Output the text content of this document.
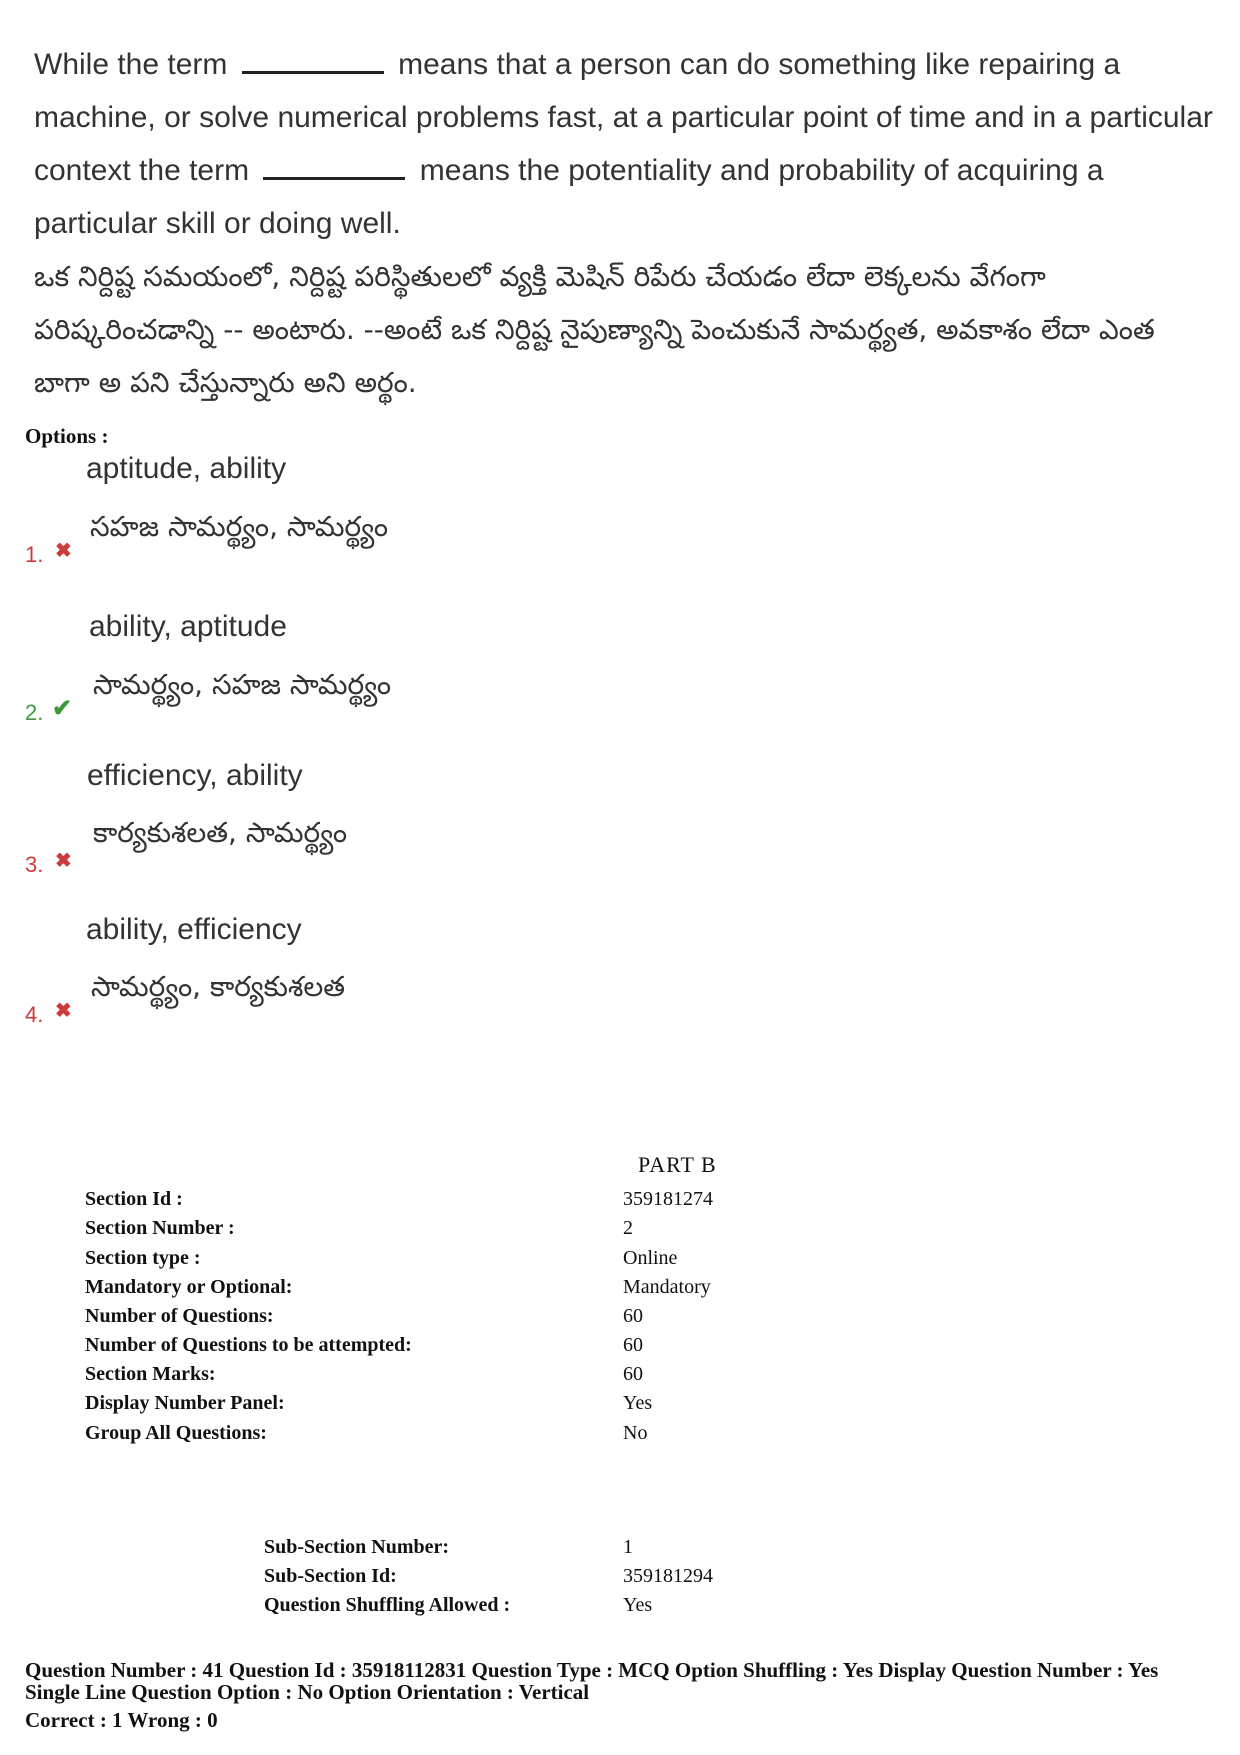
While the term	means that a person can do something like repairing a machine, or solve numerical problems fast, at a particular point of time and in a particular context the term	means the potentiality and probability of acquiring a particular skill or doing well.
ఒక నిర్దిష్ట సమయంలో, నిర్దిష్ట పరిస్థితులలో వ్యక్తి మెషిన్ రిపేరు చేయడం లేదా లెక్కలను వేగంగా పరిష్కరించడాన్ని -- అంటారు. --అంటే ఒక నిర్దిష్ట నైపుణ్యాన్ని పెంచుకునే సామర్థ్యత, అవకాశం లేదా ఎంత బాగా అ పని చేస్తున్నారు అని అర్థం.
Options :
aptitude, ability
సహజ సామర్థ్యం, సామర్థ్యం
1. ✖
ability, aptitude
సామర్థ్యం, సహజ సామర్థ్యం
2. ✔
efficiency, ability
కార్యకుశలత, సామర్థ్యం
3. ✖
ability, efficiency
సామర్థ్యం, కార్యకుశలత
4. ✖
PART B
Section Id :	359181274
Section Number :	2
Section type :	Online
Mandatory or Optional:	Mandatory
Number of Questions:	60
Number of Questions to be attempted:	60
Section Marks:	60
Display Number Panel:	Yes
Group All Questions:	No
Sub-Section Number:	1
Sub-Section Id:	359181294
Question Shuffling Allowed :	Yes
Question Number : 41 Question Id : 35918112831 Question Type : MCQ Option Shuffling : Yes Display Question Number : Yes
Single Line Question Option : No Option Orientation : Vertical
Correct : 1 Wrong : 0
